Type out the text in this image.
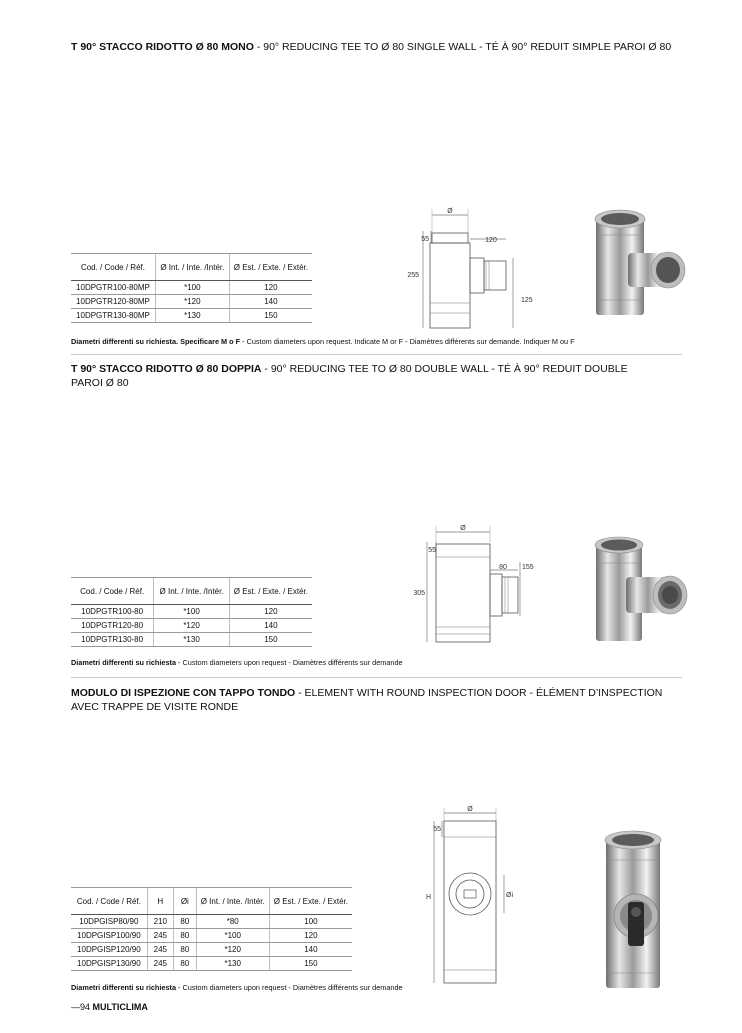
T 90° STACCO RIDOTTO Ø 80 MONO - 90° REDUCING TEE TO Ø 80 SINGLE WALL - TÉ À 90° REDUIT SIMPLE PAROI Ø 80
Cod. / Code / Réf.	Ø Int. / Inte. /Intér.	Ø Est. / Exte. / Extér.
10DPGTR100-80MP	*100	120
10DPGTR120-80MP	*120	140
10DPGTR130-80MP	*130	150
Ø
55
255
120
125
Diametri differenti su richiesta. Specificare M o F - Custom diameters upon request. Indicate M or F - Diamètres différents sur demande. Indiquer M ou F
T 90° STACCO RIDOTTO Ø 80 DOPPIA - 90° REDUCING TEE TO Ø 80 DOUBLE WALL - TÉ À 90° REDUIT DOUBLE
PAROI Ø 80
Cod. / Code / Réf.	Ø Int. / Inte. /Intér.	Ø Est. / Exte. / Extér.
10DPGTR100-80	*100	120
10DPGTR120-80	*120	140
10DPGTR130-80	*130	150
Ø
55
305
80 155
Diametri differenti su richiesta - Custom diameters upon request - Diamètres différents sur demande
MODULO DI ISPEZIONE CON TAPPO TONDO - ELEMENT WITH ROUND INSPECTION DOOR - ÉLÉMENT D’INSPECTION
AVEC TRAPPE DE VISITE RONDE
Cod. / Code / Réf.	H	Øi	Ø Int. / Inte. /Intér.	Ø Est. / Exte. / Extér.
10DPGISP80/90	210	80	*80	100
10DPGISP100/90	245	80	*100	120
10DPGISP120/90	245	80	*120	140
10DPGISP130/90	245	80	*130	150
Ø
55
H	Øi
Diametri differenti su richiesta - Custom diameters upon request - Diamètres différents sur demande
—94 MULTICLIMA
